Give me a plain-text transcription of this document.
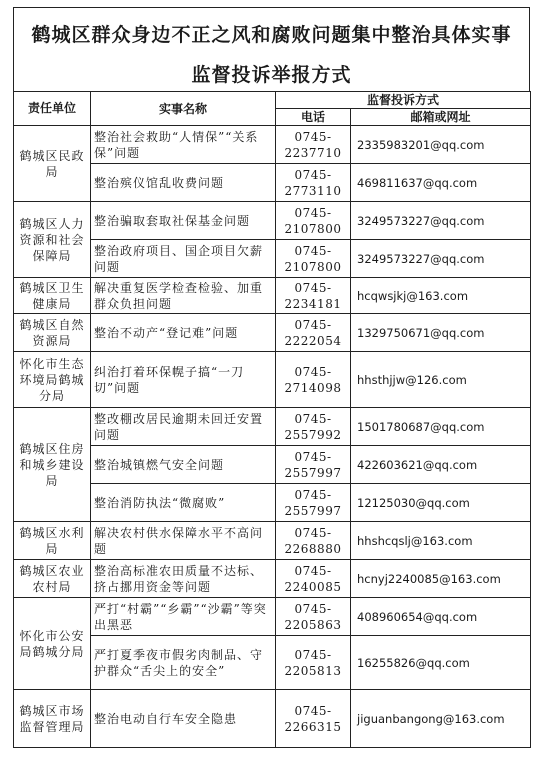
鹤城区群众身边不正之风和腐败问题集中整治具体实事
监督投诉举报方式
责任单位	实事名称	监督投诉方式	
		电话	邮箱或网址
鹤城区民政局	整治社会救助“人情保”“关系保”问题	0745-2237710	2335983201@qq.com
	整治殡仪馆乱收费问题	0745-2773110	469811637@qq.com
鹤城区人力资源和社会保障局	整治骗取套取社保基金问题	0745-2107800	3249573227@qq.com
	整治政府项目、国企项目欠薪问题	0745-2107800	3249573227@qq.com
鹤城区卫生健康局	解决重复医学检查检验、加重群众负担问题	0745-2234181	hcqwsjkj@163.com
鹤城区自然资源局	整治不动产“登记难”问题	0745-2222054	1329750671@qq.com
怀化市生态环境局鹤城分局	纠治打着环保幌子搞“一刀切”问题	0745-2714098	hhsthjjw@126.com
鹤城区住房和城乡建设局	整改棚改居民逾期未回迁安置问题	0745-2557992	1501780687@qq.com
	整治城镇燃气安全问题	0745-2557997	422603621@qq.com
	整治消防执法“微腐败”	0745-2557997	12125030@qq.com
鹤城区水利局	解决农村供水保障水平不高问题	0745-2268880	hhshcqslj@163.com
鹤城区农业农村局	整治高标准农田质量不达标、挤占挪用资金等问题	0745-2240085	hcnyj2240085@163.com
怀化市公安局鹤城分局	严打“村霸”“乡霸”“沙霸”等突出黑恶	0745-2205863	408960654@qq.com
	严打夏季夜市假劣肉制品、守护群众“舌尖上的安全”	0745-2205813	16255826@qq.com
鹤城区市场监督管理局	整治电动自行车安全隐患	0745-2266315	jiguanbangong@163.com
